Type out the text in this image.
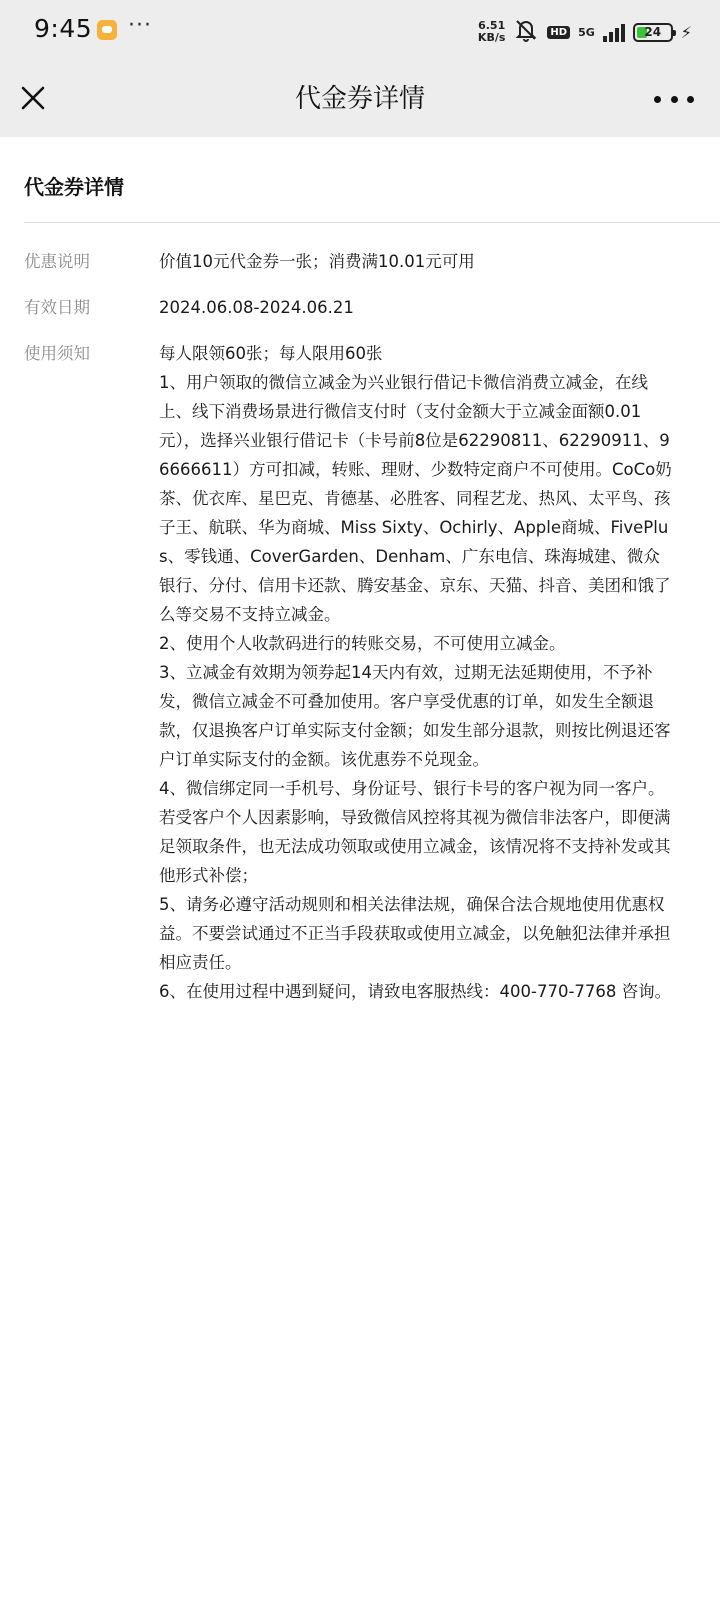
9:45 ···	6.51
KB/s	HD 5G	24	⚡
代金券详情
代金券详情
优惠说明	价值10元代金券一张；消费满10.01元可用
有效日期	2024.06.08-2024.06.21
使用须知	每人限领60张；每人限用60张
1、用户领取的微信立减金为兴业银行借记卡微信消费立减金，在线上、线下消费场景进行微信支付时（支付金额大于立减金面额0.01元），选择兴业银行借记卡（卡号前8位是62290811、62290911、96666611）方可扣减，转账、理财、少数特定商户不可使用。CoCo奶茶、优衣库、星巴克、肯德基、必胜客、同程艺龙、热风、太平鸟、孩子王、航联、华为商城、Miss Sixty、Ochirly、Apple商城、FivePlus、零钱通、CoverGarden、Denham、广东电信、珠海城建、微众银行、分付、信用卡还款、腾安基金、京东、天猫、抖音、美团和饿了么等交易不支持立减金。
2、使用个人收款码进行的转账交易，不可使用立减金。
3、立减金有效期为领券起14天内有效，过期无法延期使用，不予补发，微信立减金不可叠加使用。客户享受优惠的订单，如发生全额退款，仅退换客户订单实际支付金额；如发生部分退款，则按比例退还客户订单实际支付的金额。该优惠券不兑现金。
4、微信绑定同一手机号、身份证号、银行卡号的客户视为同一客户。若受客户个人因素影响，导致微信风控将其视为微信非法客户，即便满足领取条件，也无法成功领取或使用立减金，该情况将不支持补发或其他形式补偿；
5、请务必遵守活动规则和相关法律法规，确保合法合规地使用优惠权益。不要尝试通过不正当手段获取或使用立减金，以免触犯法律并承担相应责任。
6、在使用过程中遇到疑问，请致电客服热线：400-770-7768 咨询。
